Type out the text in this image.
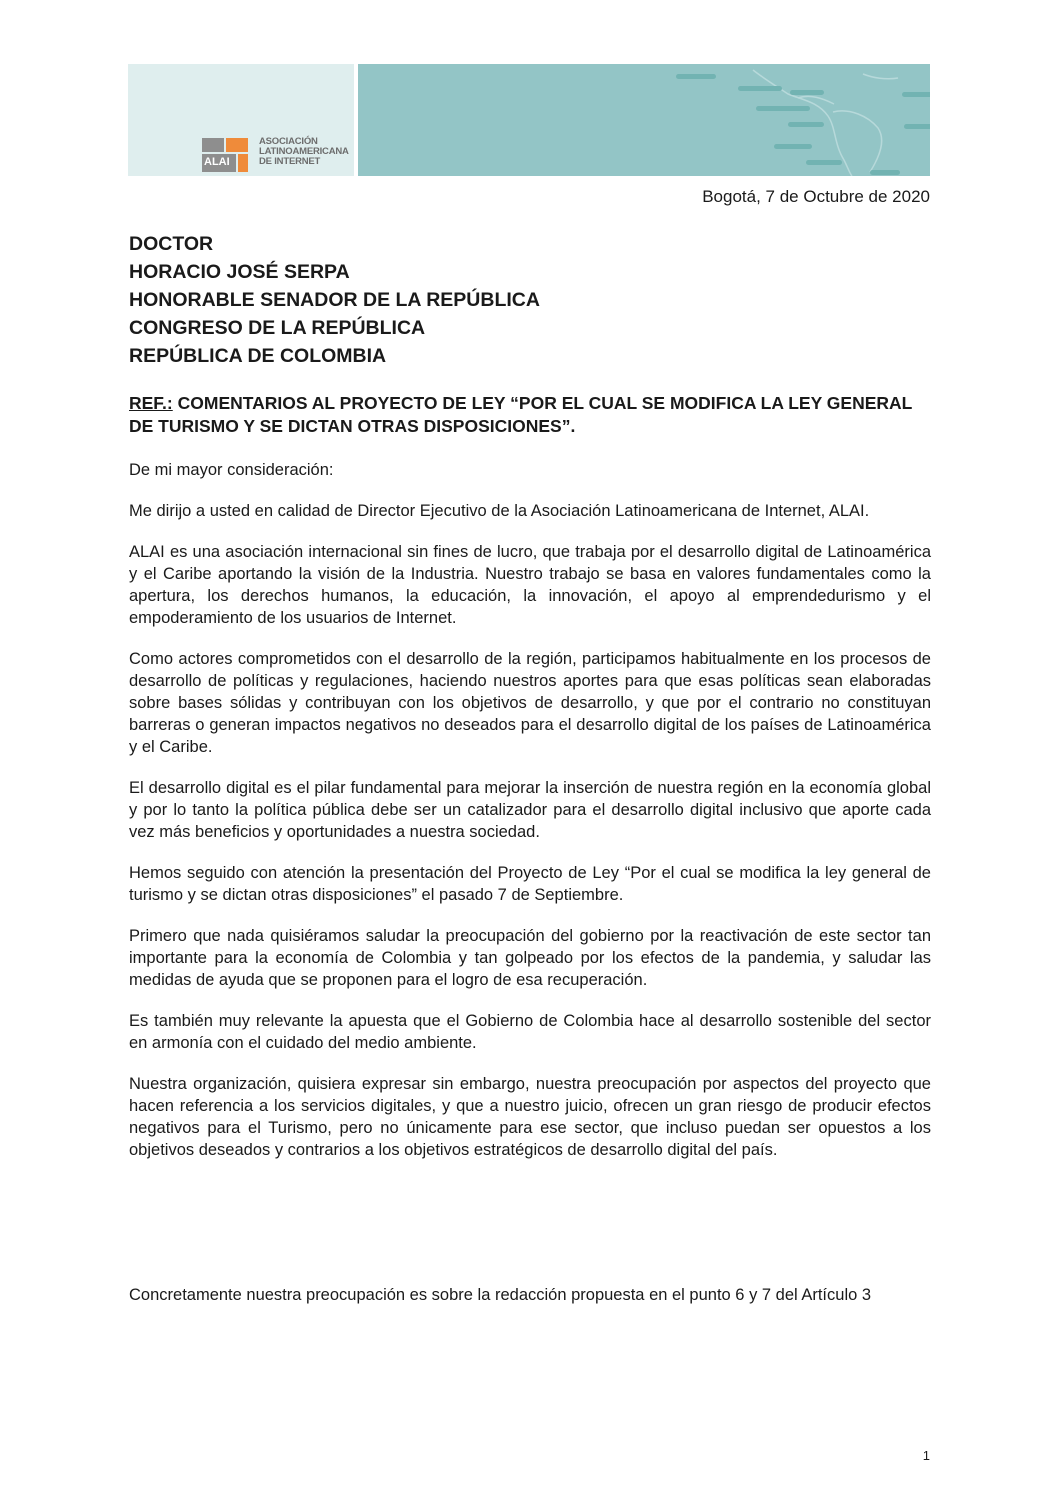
ALAI
ASOCIACIÓN
LATINOAMERICANA
DE INTERNET
Bogotá, 7 de Octubre de 2020
DOCTOR
HORACIO JOSÉ SERPA
HONORABLE SENADOR DE LA REPÚBLICA
CONGRESO DE LA REPÚBLICA
REPÚBLICA DE COLOMBIA
REF.: COMENTARIOS AL PROYECTO DE LEY “POR EL CUAL SE MODIFICA LA LEY GENERAL DE TURISMO Y SE DICTAN OTRAS DISPOSICIONES”.

De mi mayor consideración:

Me dirijo a usted en calidad de Director Ejecutivo de la Asociación Latinoamericana de Internet, ALAI.

ALAI es una asociación internacional sin fines de lucro, que trabaja por el desarrollo digital de Latinoamérica y el Caribe aportando la visión de la Industria. Nuestro trabajo se basa en valores fundamentales como la apertura, los derechos humanos, la educación, la innovación, el apoyo al emprendedurismo y el empoderamiento de los usuarios de Internet.

Como actores comprometidos con el desarrollo de la región, participamos habitualmente en los procesos de desarrollo de políticas y regulaciones, haciendo nuestros aportes para que esas políticas sean elaboradas sobre bases sólidas y contribuyan con los objetivos de desarrollo, y que por el contrario no constituyan barreras o generan impactos negativos no deseados para el desarrollo digital de los países de Latinoamérica y el Caribe.

El desarrollo digital es el pilar fundamental para mejorar la inserción de nuestra región en la economía global y por lo tanto la política pública debe ser un catalizador para el desarrollo digital inclusivo que aporte cada vez más beneficios y oportunidades a nuestra sociedad.

Hemos seguido con atención la presentación del Proyecto de Ley “Por el cual se modifica la ley general de turismo y se dictan otras disposiciones” el pasado 7 de Septiembre.

Primero que nada quisiéramos saludar la preocupación del gobierno por la reactivación de este sector tan importante para la economía de Colombia y tan golpeado por los efectos de la pandemia, y saludar las medidas de ayuda que se proponen para el logro de esa recuperación.

Es también muy relevante la apuesta que el Gobierno de Colombia hace al desarrollo sostenible del sector en armonía con el cuidado del medio ambiente.

Nuestra organización, quisiera expresar sin embargo, nuestra preocupación por aspectos del proyecto que hacen referencia a los servicios digitales, y que a nuestro juicio, ofrecen un gran riesgo de producir efectos negativos para el Turismo, pero no únicamente para ese sector, que incluso puedan ser opuestos a los objetivos deseados y contrarios a los objetivos estratégicos de desarrollo digital del país.

Concretamente nuestra preocupación es sobre la redacción propuesta en el punto 6 y 7 del Artículo 3
1
